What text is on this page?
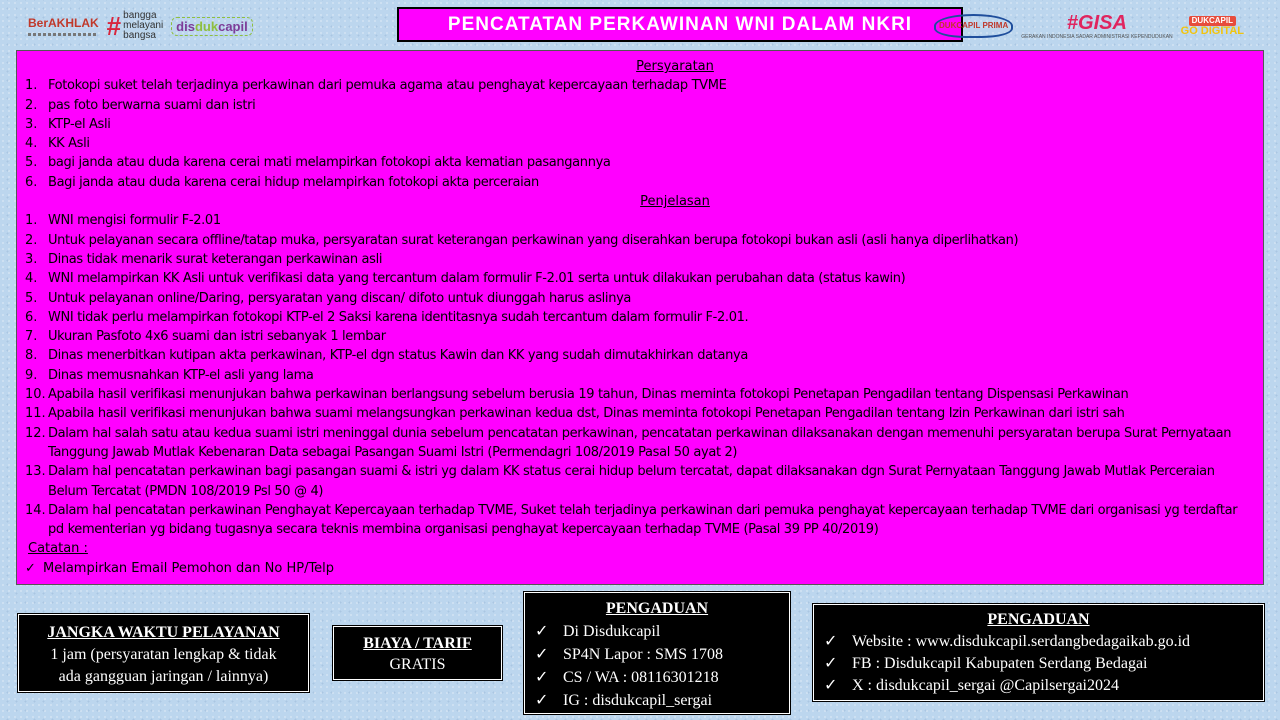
BerAKHLAK # bangga
melayani
bangsa
disdukcapil	PENCATATAN PERKAWINAN WNI DALAM NKRI	DUKCAPIL PRIMA	#GISA
GERAKAN INDONESIA SADAR ADMINISTRASI KEPENDUDUKAN
DUKCAPIL
GO DIGITAL
Persyaratan
1. Fotokopi suket telah terjadinya perkawinan dari pemuka agama atau penghayat kepercayaan terhadap TVME
2. pas foto berwarna suami dan istri
3. KTP-el Asli
4. KK Asli
5. bagi janda atau duda karena cerai mati melampirkan fotokopi akta kematian pasangannya
6. Bagi janda atau duda karena cerai hidup melampirkan fotokopi akta perceraian
Penjelasan
1. WNI mengisi formulir F-2.01
2. Untuk pelayanan secara offline/tatap muka, persyaratan surat keterangan perkawinan yang diserahkan berupa fotokopi bukan asli (asli hanya diperlihatkan)
3. Dinas tidak menarik surat keterangan perkawinan asli
4. WNI melampirkan KK Asli untuk verifikasi data yang tercantum dalam formulir F-2.01 serta untuk dilakukan perubahan data (status kawin)
5. Untuk pelayanan online/Daring, persyaratan yang discan/ difoto untuk diunggah harus aslinya
6. WNI tidak perlu melampirkan fotokopi KTP-el 2 Saksi karena identitasnya sudah tercantum dalam formulir F-2.01.
7. Ukuran Pasfoto 4x6 suami dan istri sebanyak 1 lembar
8. Dinas menerbitkan kutipan akta perkawinan, KTP-el dgn status Kawin dan KK yang sudah dimutakhirkan datanya
9. Dinas memusnahkan KTP-el asli yang lama
10. Apabila hasil verifikasi menunjukan bahwa perkawinan berlangsung sebelum berusia 19 tahun, Dinas meminta fotokopi Penetapan Pengadilan tentang Dispensasi Perkawinan
11. Apabila hasil verifikasi menunjukan bahwa suami melangsungkan perkawinan kedua dst, Dinas meminta fotokopi Penetapan Pengadilan tentang Izin Perkawinan dari istri sah
12. Dalam hal salah satu atau kedua suami istri meninggal dunia sebelum pencatatan perkawinan, pencatatan perkawinan dilaksanakan dengan memenuhi persyaratan berupa Surat Pernyataan Tanggung Jawab Mutlak Kebenaran Data sebagai Pasangan Suami Istri (Permendagri 108/2019 Pasal 50 ayat 2)
13. Dalam hal pencatatan perkawinan bagi pasangan suami & istri yg dalam KK status cerai hidup belum tercatat, dapat dilaksanakan dgn Surat Pernyataan Tanggung Jawab Mutlak Perceraian Belum Tercatat (PMDN 108/2019 Psl 50 @ 4)
14. Dalam hal pencatatan perkawinan Penghayat Kepercayaan terhadap TVME, Suket telah terjadinya perkawinan dari pemuka penghayat kepercayaan terhadap TVME dari organisasi yg terdaftar pd kementerian yg bidang tugasnya secara teknis membina organisasi penghayat kepercayaan terhadap TVME (Pasal 39 PP 40/2019)
Catatan :
✓ Melampirkan Email Pemohon dan No HP/Telp
JANGKA WAKTU PELAYANAN
1 jam (persyaratan lengkap & tidak
ada gangguan jaringan / lainnya)
BIAYA / TARIF
GRATIS
PENGADUAN
✓ Di Disdukcapil
✓ SP4N Lapor : SMS 1708
✓ CS / WA : 08116301218
✓ IG : disdukcapil_sergai
PENGADUAN
✓ Website : www.disdukcapil.serdangbedagaikab.go.id
✓ FB : Disdukcapil Kabupaten Serdang Bedagai
✓ X : disdukcapil_sergai @Capilsergai2024
